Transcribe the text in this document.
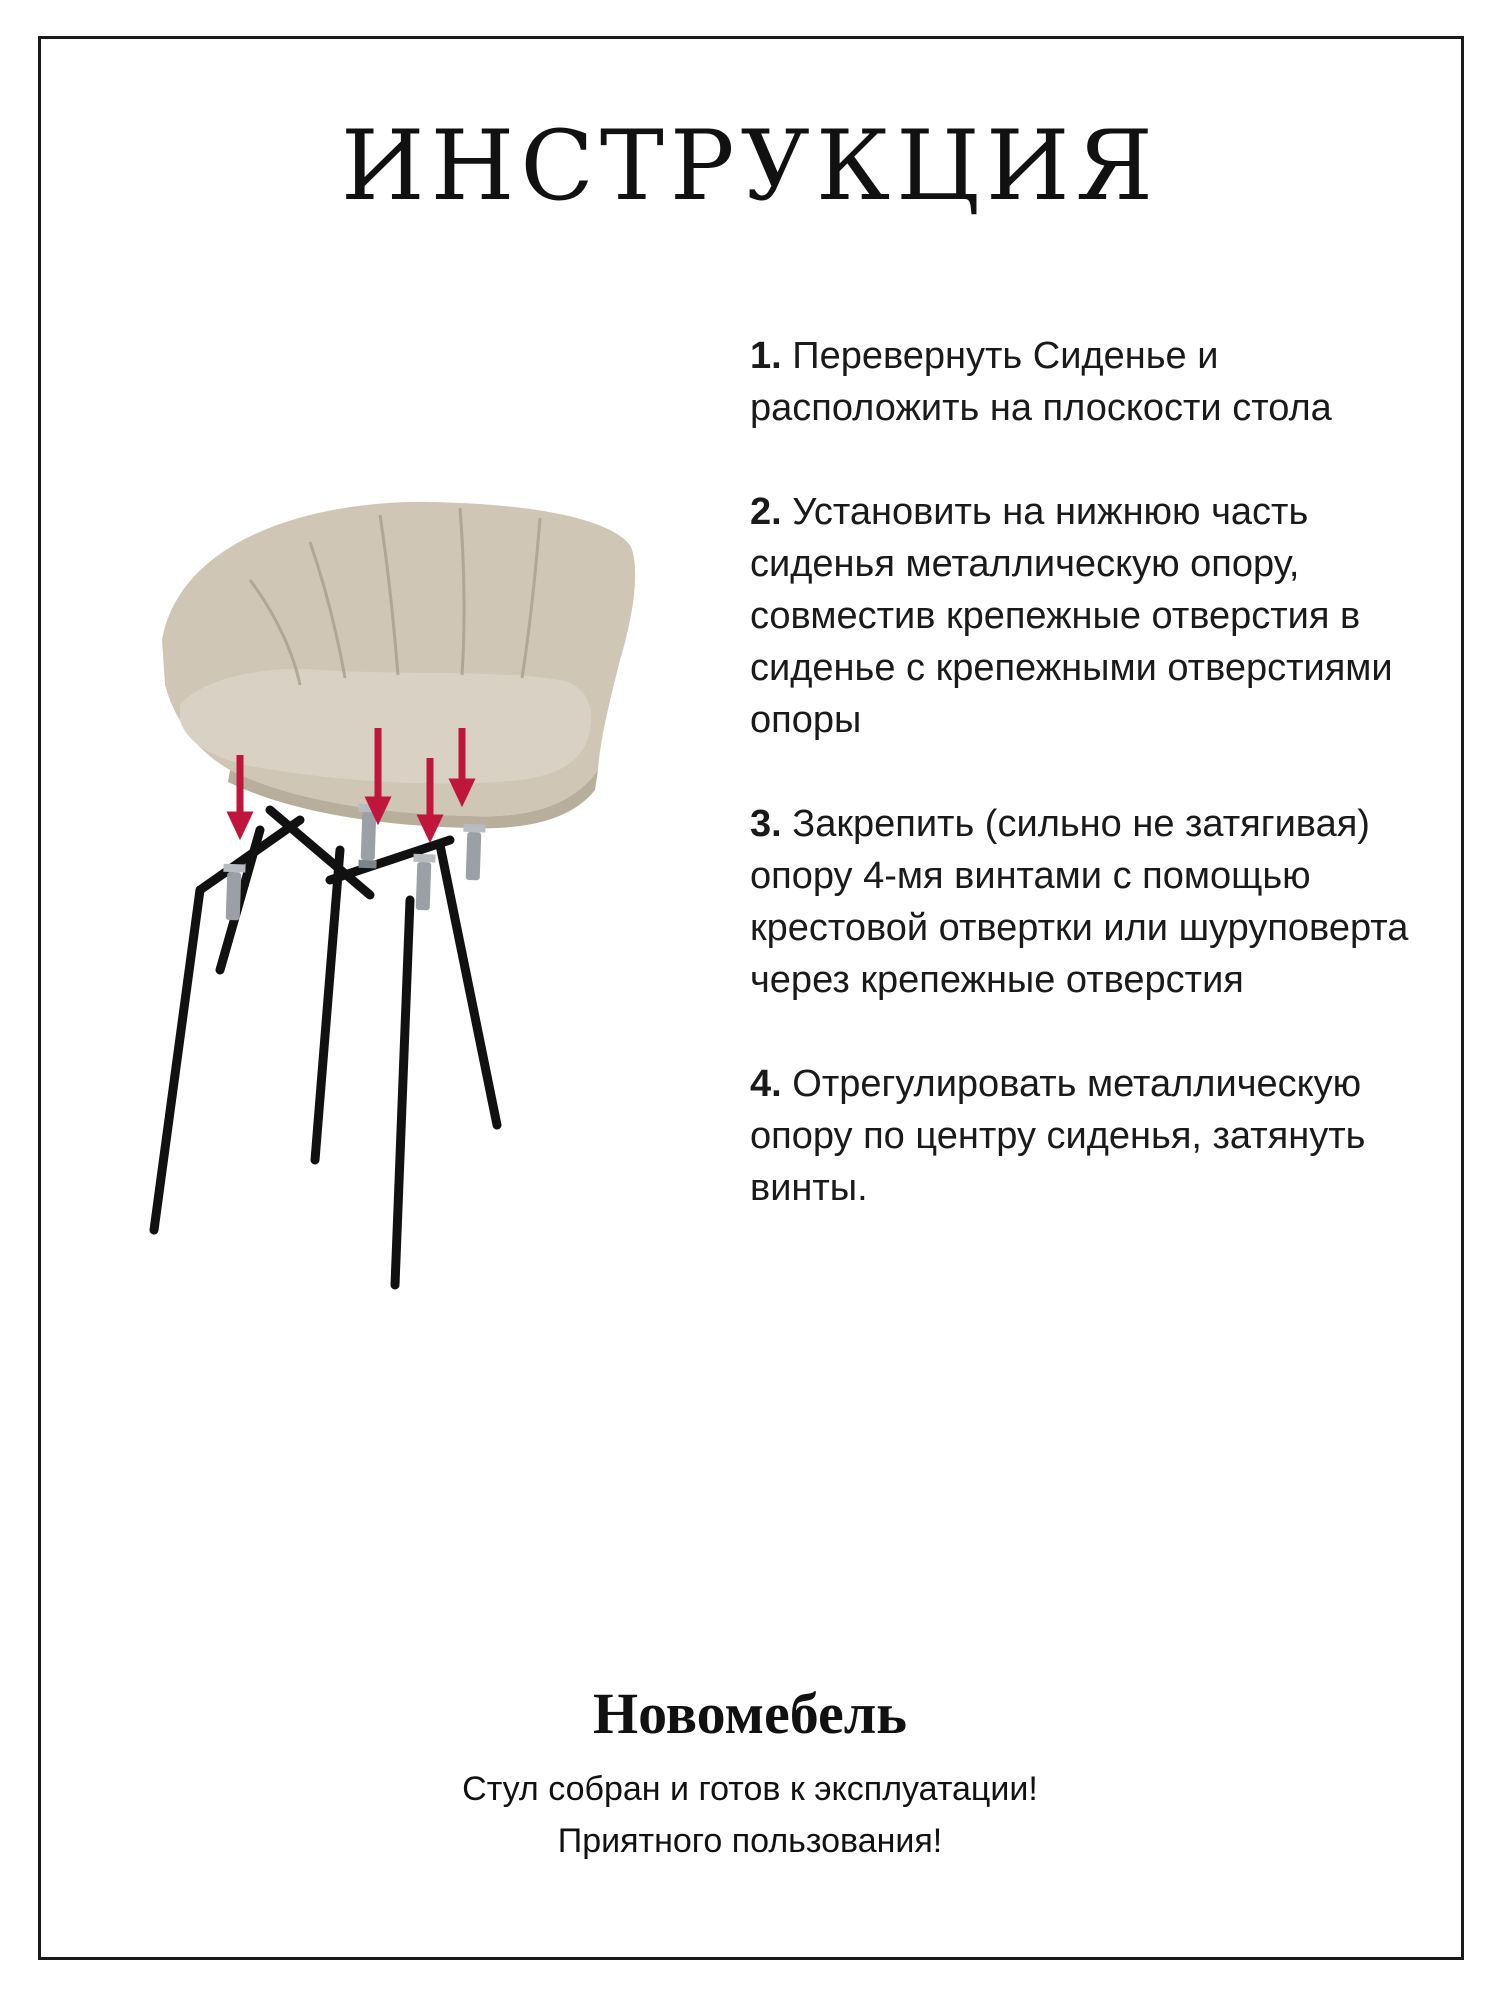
ИНСТРУКЦИЯ

1. Перевернуть Сиденье и расположить на плоскости стола

2. Установить на нижнюю часть сиденья металлическую опору, совместив крепежные отверстия в сиденье с крепежными отверстиями опоры

3. Закрепить (сильно не затягивая) опору 4-мя винтами с помощью крестовой отвертки или шуруповерта через крепежные отверстия

4. Отрегулировать металлическую опору по центру сиденья, затянуть винты.

Новомебель
Стул собран и готов к эксплуатации!
Приятного пользования!
